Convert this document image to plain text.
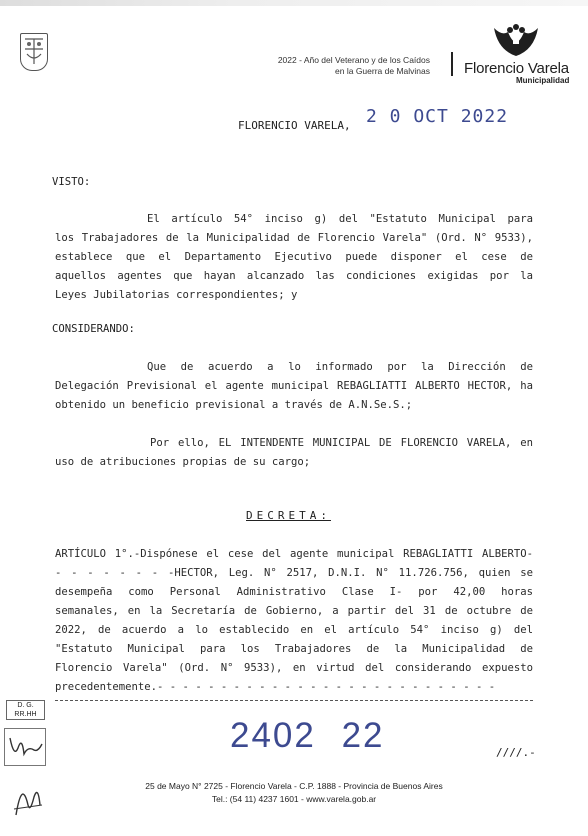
2022 - Año del Veterano y de los Caídos
en la Guerra de Malvinas Florencio Varela
Municipalidad
FLORENCIO VARELA, 2 0 OCT 2022
VISTO:
El artículo 54° inciso g) del "Estatuto Municipal para
los Trabajadores de la Municipalidad de Florencio Varela" (Ord. N° 9533),
establece que el Departamento Ejecutivo puede disponer el cese de
aquellos agentes que hayan alcanzado las condiciones exigidas por la
Leyes Jubilatorias correspondientes; y
CONSIDERANDO:
Que de acuerdo a lo informado por la Dirección de
Delegación Previsional el agente municipal REBAGLIATTI ALBERTO HECTOR, ha
obtenido un beneficio previsional a través de A.N.Se.S.;
Por ello, EL INTENDENTE MUNICIPAL DE FLORENCIO VARELA, en
uso de atribuciones propias de su cargo;
DECRETA:
ARTÍCULO 1°.-Dispónese el cese del agente municipal REBAGLIATTI ALBERTO-
- - - - - - - -HECTOR, Leg. N° 2517, D.N.I. N° 11.726.756, quien se
desempeña como Personal Administrativo Clase I- por 42,00 horas
semanales, en la Secretaría de Gobierno, a partir del 31 de octubre de
2022, de acuerdo a lo establecido en el artículo 54° inciso g) del
"Estatuto Municipal para los Trabajadores de la Municipalidad de
Florencio Varela" (Ord. N° 9533), en virtud del considerando expuesto
precedentemente.- - - - - - - - - - - - - - - - - - - - - - - - - - -
D. G.
RR.HH
2402 22	////.-
25 de Mayo N° 2725 - Florencio Varela - C.P. 1888 - Provincia de Buenos Aires
Tel.: (54 11) 4237 1601 - www.varela.gob.ar
